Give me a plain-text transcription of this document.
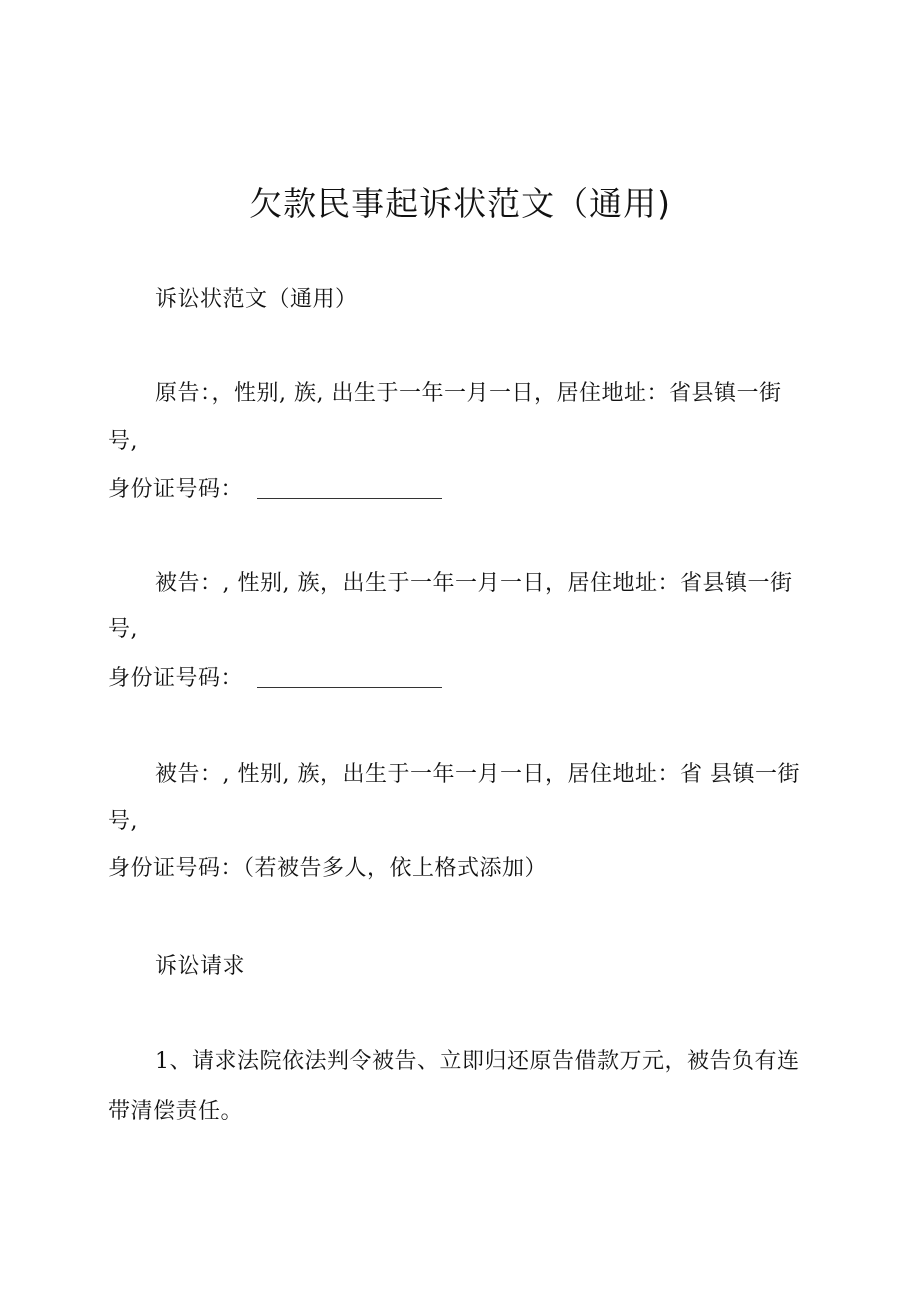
欠款民事起诉状范文（通用)
诉讼状范文（通用）
原告：，性别, 族, 出生于一年一月一日，居住地址：省县镇一街
号,
身份证号码：
被告：, 性别, 族，出生于一年一月一日，居住地址：省县镇一街
号,
身份证号码：
被告：, 性别, 族，出生于一年一月一日，居住地址：省 县镇一街
号,
身份证号码：（若被告多人，依上格式添加）
诉讼请求
1、请求法院依法判令被告、立即归还原告借款万元，被告负有连
带清偿责任。
